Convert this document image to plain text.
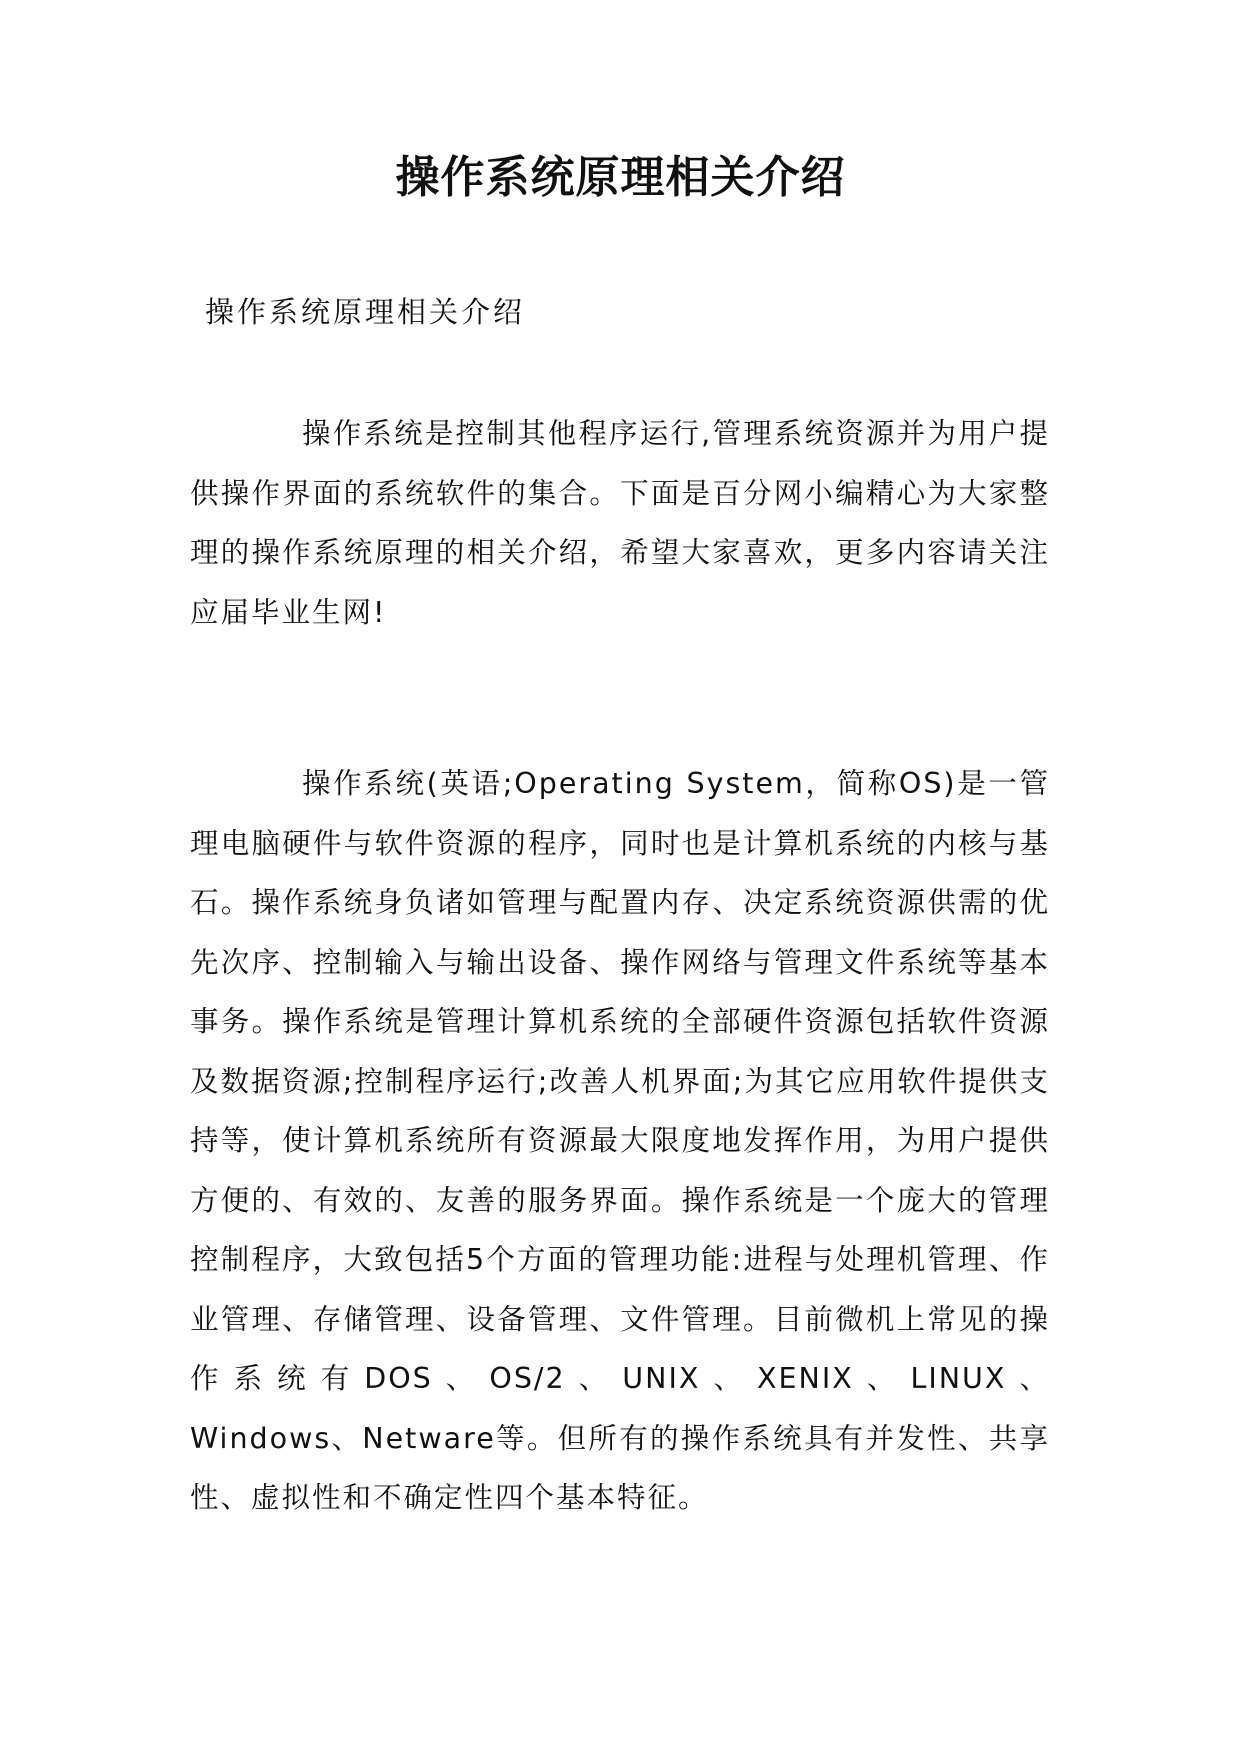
操作系统原理相关介绍

操作系统原理相关介绍

操作系统是控制其他程序运行,管理系统资源并为用户提供操作界面的系统软件的集合。下面是百分网小编精心为大家整理的操作系统原理的相关介绍，希望大家喜欢，更多内容请关注应届毕业生网!

操作系统(英语;Operating System，简称OS)是一管理电脑硬件与软件资源的程序，同时也是计算机系统的内核与基石。操作系统身负诸如管理与配置内存、决定系统资源供需的优先次序、控制输入与输出设备、操作网络与管理文件系统等基本事务。操作系统是管理计算机系统的全部硬件资源包括软件资源及数据资源;控制程序运行;改善人机界面;为其它应用软件提供支持等，使计算机系统所有资源最大限度地发挥作用，为用户提供方便的、有效的、友善的服务界面。操作系统是一个庞大的管理控制程序，大致包括5个方面的管理功能:进程与处理机管理、作业管理、存储管理、设备管理、文件管理。目前微机上常见的操作系统有DOS、OS/2、UNIX、XENIX、LINUX、Windows、Netware等。但所有的操作系统具有并发性、共享性、虚拟性和不确定性四个基本特征。
